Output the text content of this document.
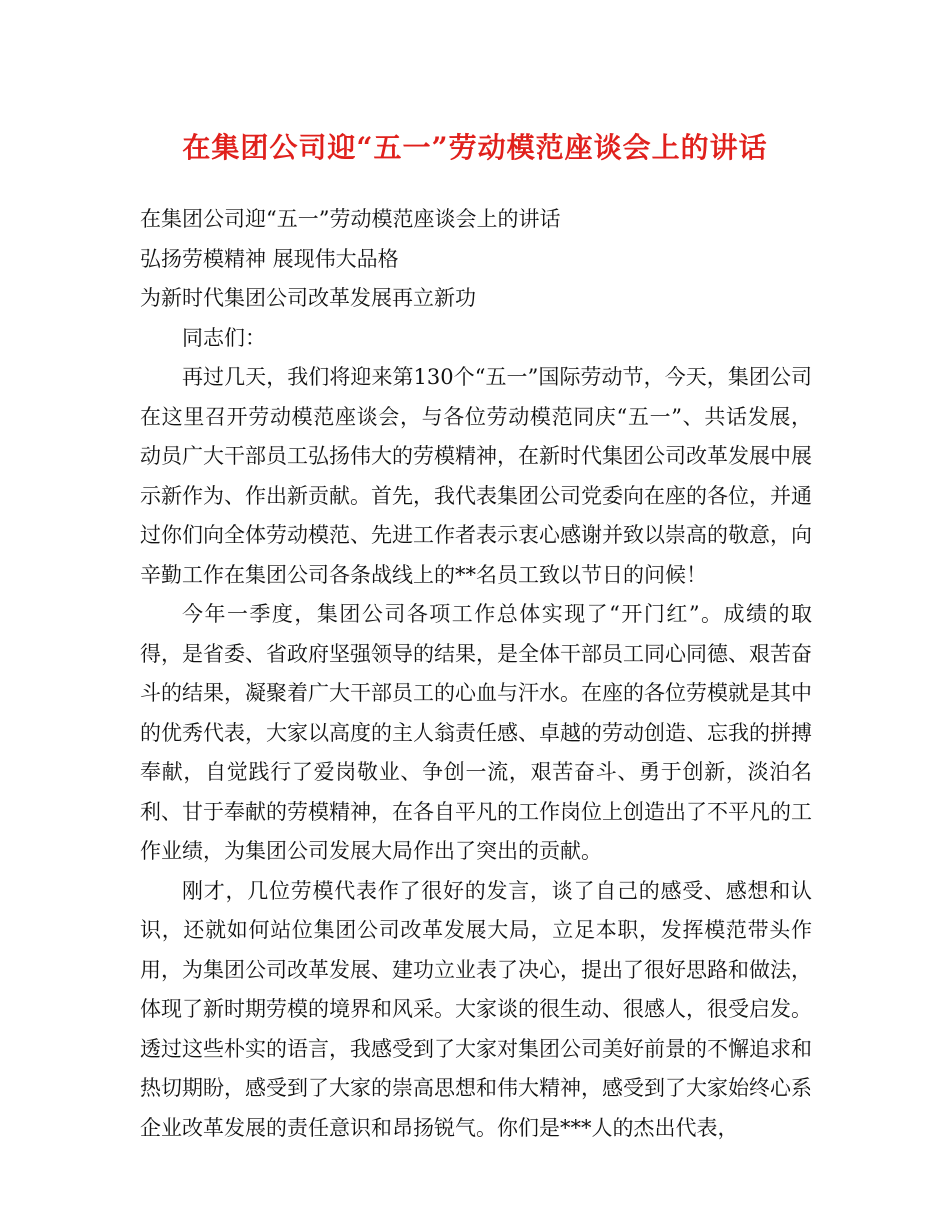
在集团公司迎“五一”劳动模范座谈会上的讲话
在集团公司迎“五一”劳动模范座谈会上的讲话
弘扬劳模精神 展现伟大品格
为新时代集团公司改革发展再立新功
同志们：

再过几天，我们将迎来第130个“五一”国际劳动节，今天，集团公司在这里召开劳动模范座谈会，与各位劳动模范同庆“五一”、共话发展，动员广大干部员工弘扬伟大的劳模精神，在新时代集团公司改革发展中展示新作为、作出新贡献。首先，我代表集团公司党委向在座的各位，并通过你们向全体劳动模范、先进工作者表示衷心感谢并致以崇高的敬意，向辛勤工作在集团公司各条战线上的**名员工致以节日的问候！

今年一季度，集团公司各项工作总体实现了“开门红”。成绩的取得，是省委、省政府坚强领导的结果，是全体干部员工同心同德、艰苦奋斗的结果，凝聚着广大干部员工的心血与汗水。在座的各位劳模就是其中的优秀代表，大家以高度的主人翁责任感、卓越的劳动创造、忘我的拼搏奉献，自觉践行了爱岗敬业、争创一流，艰苦奋斗、勇于创新，淡泊名利、甘于奉献的劳模精神，在各自平凡的工作岗位上创造出了不平凡的工作业绩，为集团公司发展大局作出了突出的贡献。

刚才，几位劳模代表作了很好的发言，谈了自己的感受、感想和认识，还就如何站位集团公司改革发展大局，立足本职，发挥模范带头作用，为集团公司改革发展、建功立业表了决心，提出了很好思路和做法，体现了新时期劳模的境界和风采。大家谈的很生动、很感人，很受启发。透过这些朴实的语言，我感受到了大家对集团公司美好前景的不懈追求和热切期盼，感受到了大家的崇高思想和伟大精神，感受到了大家始终心系企业改革发展的责任意识和昂扬锐气。你们是***人的杰出代表，
